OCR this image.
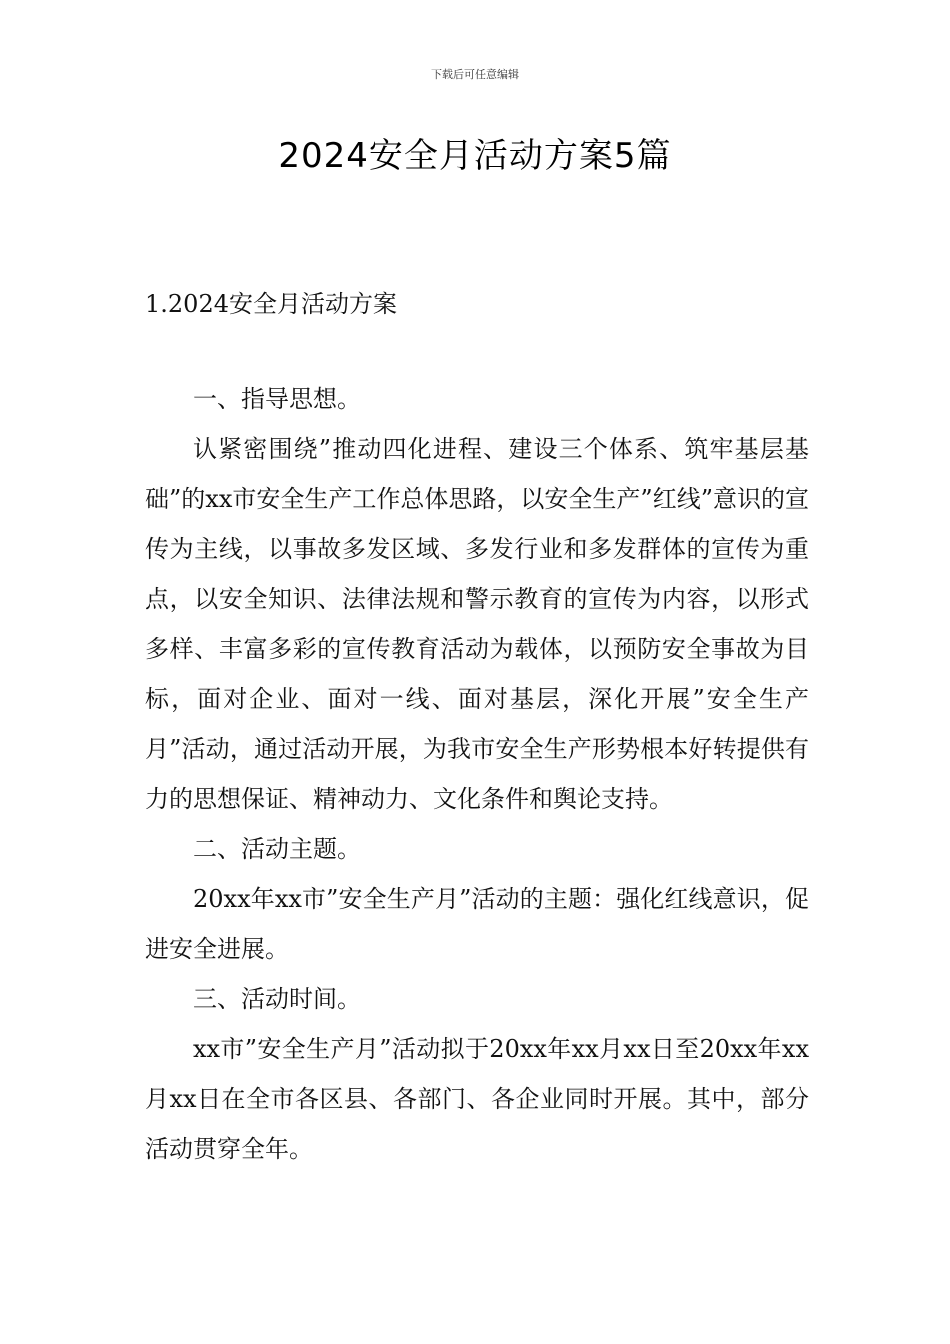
下载后可任意编辑
2024安全月活动方案5篇
1.2024安全月活动方案

一、指导思想。

认紧密围绕”推动四化进程、建设三个体系、筑牢基层基础”的xx市安全生产工作总体思路，以安全生产”红线”意识的宣传为主线，以事故多发区域、多发行业和多发群体的宣传为重点，以安全知识、法律法规和警示教育的宣传为内容，以形式多样、丰富多彩的宣传教育活动为载体，以预防安全事故为目标，面对企业、面对一线、面对基层，深化开展”安全生产月”活动，通过活动开展，为我市安全生产形势根本好转提供有力的思想保证、精神动力、文化条件和舆论支持。

二、活动主题。

20xx年xx市”安全生产月”活动的主题：强化红线意识，促进安全进展。

三、活动时间。

xx市”安全生产月”活动拟于20xx年xx月xx日至20xx年xx月xx日在全市各区县、各部门、各企业同时开展。其中，部分活动贯穿全年。
